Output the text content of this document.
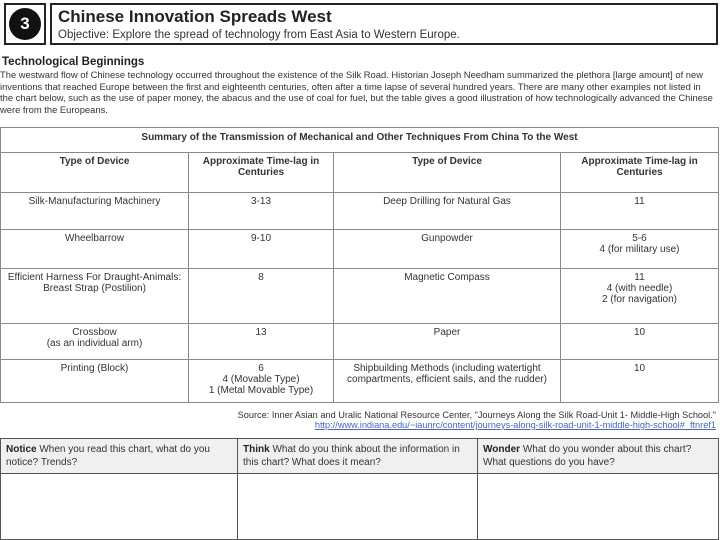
3	Chinese Innovation Spreads West
Objective: Explore the spread of technology from East Asia to Western Europe.
Technological Beginnings
The westward flow of Chinese technology occurred throughout the existence of the Silk Road. Historian Joseph Needham summarized the plethora [large amount] of new inventions that reached Europe between the first and eighteenth centuries, often after a time lapse of several hundred years. There are many other examples not listed in the chart below, such as the use of paper money, the abacus and the use of coal for fuel, but the table gives a good illustration of how technologically advanced the Chinese were from the Europeans.
Summary of the Transmission of Mechanical and Other Techniques From China To the West			
Type of Device	Approximate Time-lag in Centuries	Type of Device	Approximate Time-lag in Centuries
Silk-Manufacturing Machinery	3-13	Deep Drilling for Natural Gas	11

Wheelbarrow	9-10	Gunpowder	5-6
4 (for military use)

Efficient Harness For Draught-Animals: Breast Strap (Postilion)	8	Magnetic Compass	11
4 (with needle)
2 (for navigation)

Crossbow
(as an individual arm)	13	Paper	10

Printing (Block)	6
4 (Movable Type)
1 (Metal Movable Type)	Shipbuilding Methods (including watertight compartments, efficient sails, and the rudder)	10
Source: Inner Asian and Uralic National Resource Center, "Journeys Along the Silk Road-Unit 1- Middle-High School."
http://www.indiana.edu/~iaunrc/content/journeys-along-silk-road-unit-1-middle-high-school#_ftnref1
Notice When you read this chart, what do you notice? Trends?	Think What do you think about the information in this chart? What does it mean?	Wonder What do you wonder about this chart? What questions do you have?
